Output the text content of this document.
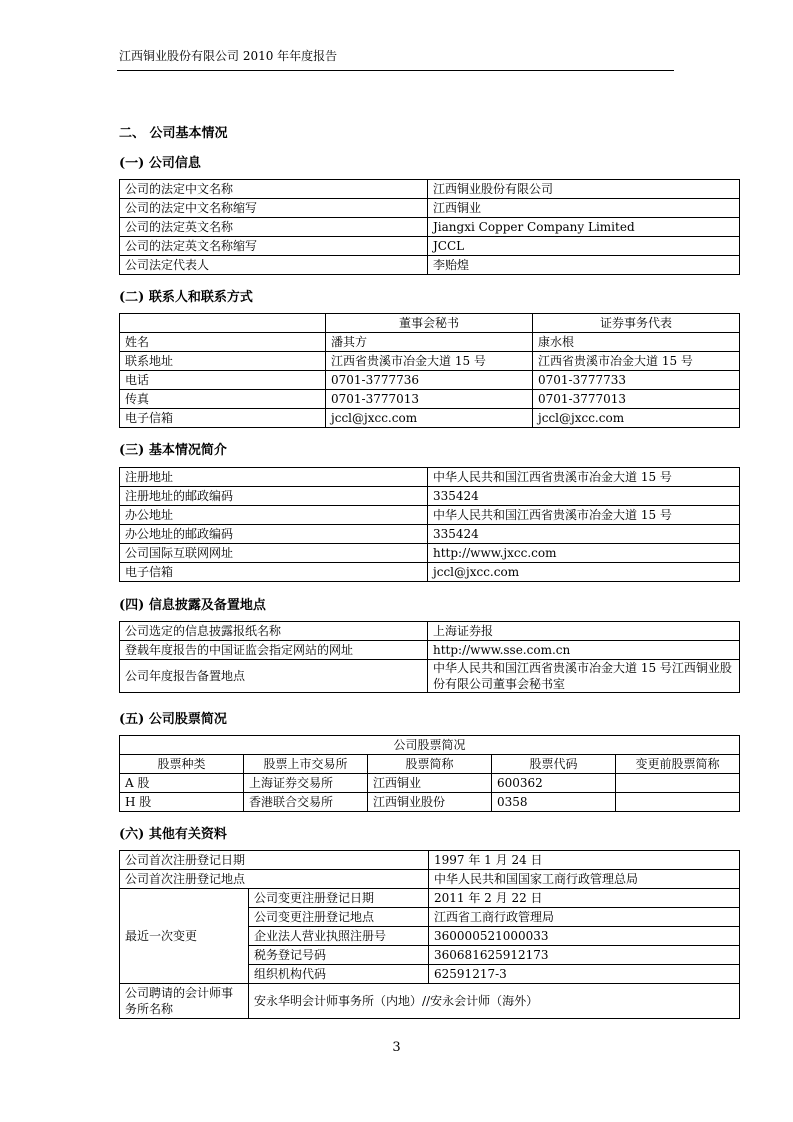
江西铜业股份有限公司 2010 年年度报告
二、 公司基本情况
(一) 公司信息
公司的法定中文名称	江西铜业股份有限公司
公司的法定中文名称缩写	江西铜业
公司的法定英文名称	Jiangxi Copper Company Limited
公司的法定英文名称缩写	JCCL
公司法定代表人	李贻煌
(二) 联系人和联系方式
	董事会秘书	证券事务代表
姓名	潘其方	康水根
联系地址	江西省贵溪市冶金大道 15 号	江西省贵溪市冶金大道 15 号
电话	0701-3777736	0701-3777733
传真	0701-3777013	0701-3777013
电子信箱	jccl@jxcc.com	jccl@jxcc.com
(三) 基本情况简介
注册地址	中华人民共和国江西省贵溪市冶金大道 15 号
注册地址的邮政编码	335424
办公地址	中华人民共和国江西省贵溪市冶金大道 15 号
办公地址的邮政编码	335424
公司国际互联网网址	http://www.jxcc.com
电子信箱	jccl@jxcc.com
(四) 信息披露及备置地点
公司选定的信息披露报纸名称	上海证券报
登载年度报告的中国证监会指定网站的网址	http://www.sse.com.cn
公司年度报告备置地点	中华人民共和国江西省贵溪市冶金大道 15 号江西铜业股份有限公司董事会秘书室
(五) 公司股票简况
公司股票简况				
股票种类	股票上市交易所	股票简称	股票代码	变更前股票简称
A 股	上海证券交易所	江西铜业	600362	
H 股	香港联合交易所	江西铜业股份	0358	
(六) 其他有关资料
公司首次注册登记日期		1997 年 1 月 24 日
公司首次注册登记地点		中华人民共和国国家工商行政管理总局
最近一次变更	公司变更注册登记日期	2011 年 2 月 22 日
	公司变更注册登记地点	江西省工商行政管理局
	企业法人营业执照注册号	360000521000033
	税务登记号码	360681625912173
	组织机构代码	62591217-3
公司聘请的会计师事务所名称	安永华明会计师事务所（内地）//安永会计师（海外）	
3
